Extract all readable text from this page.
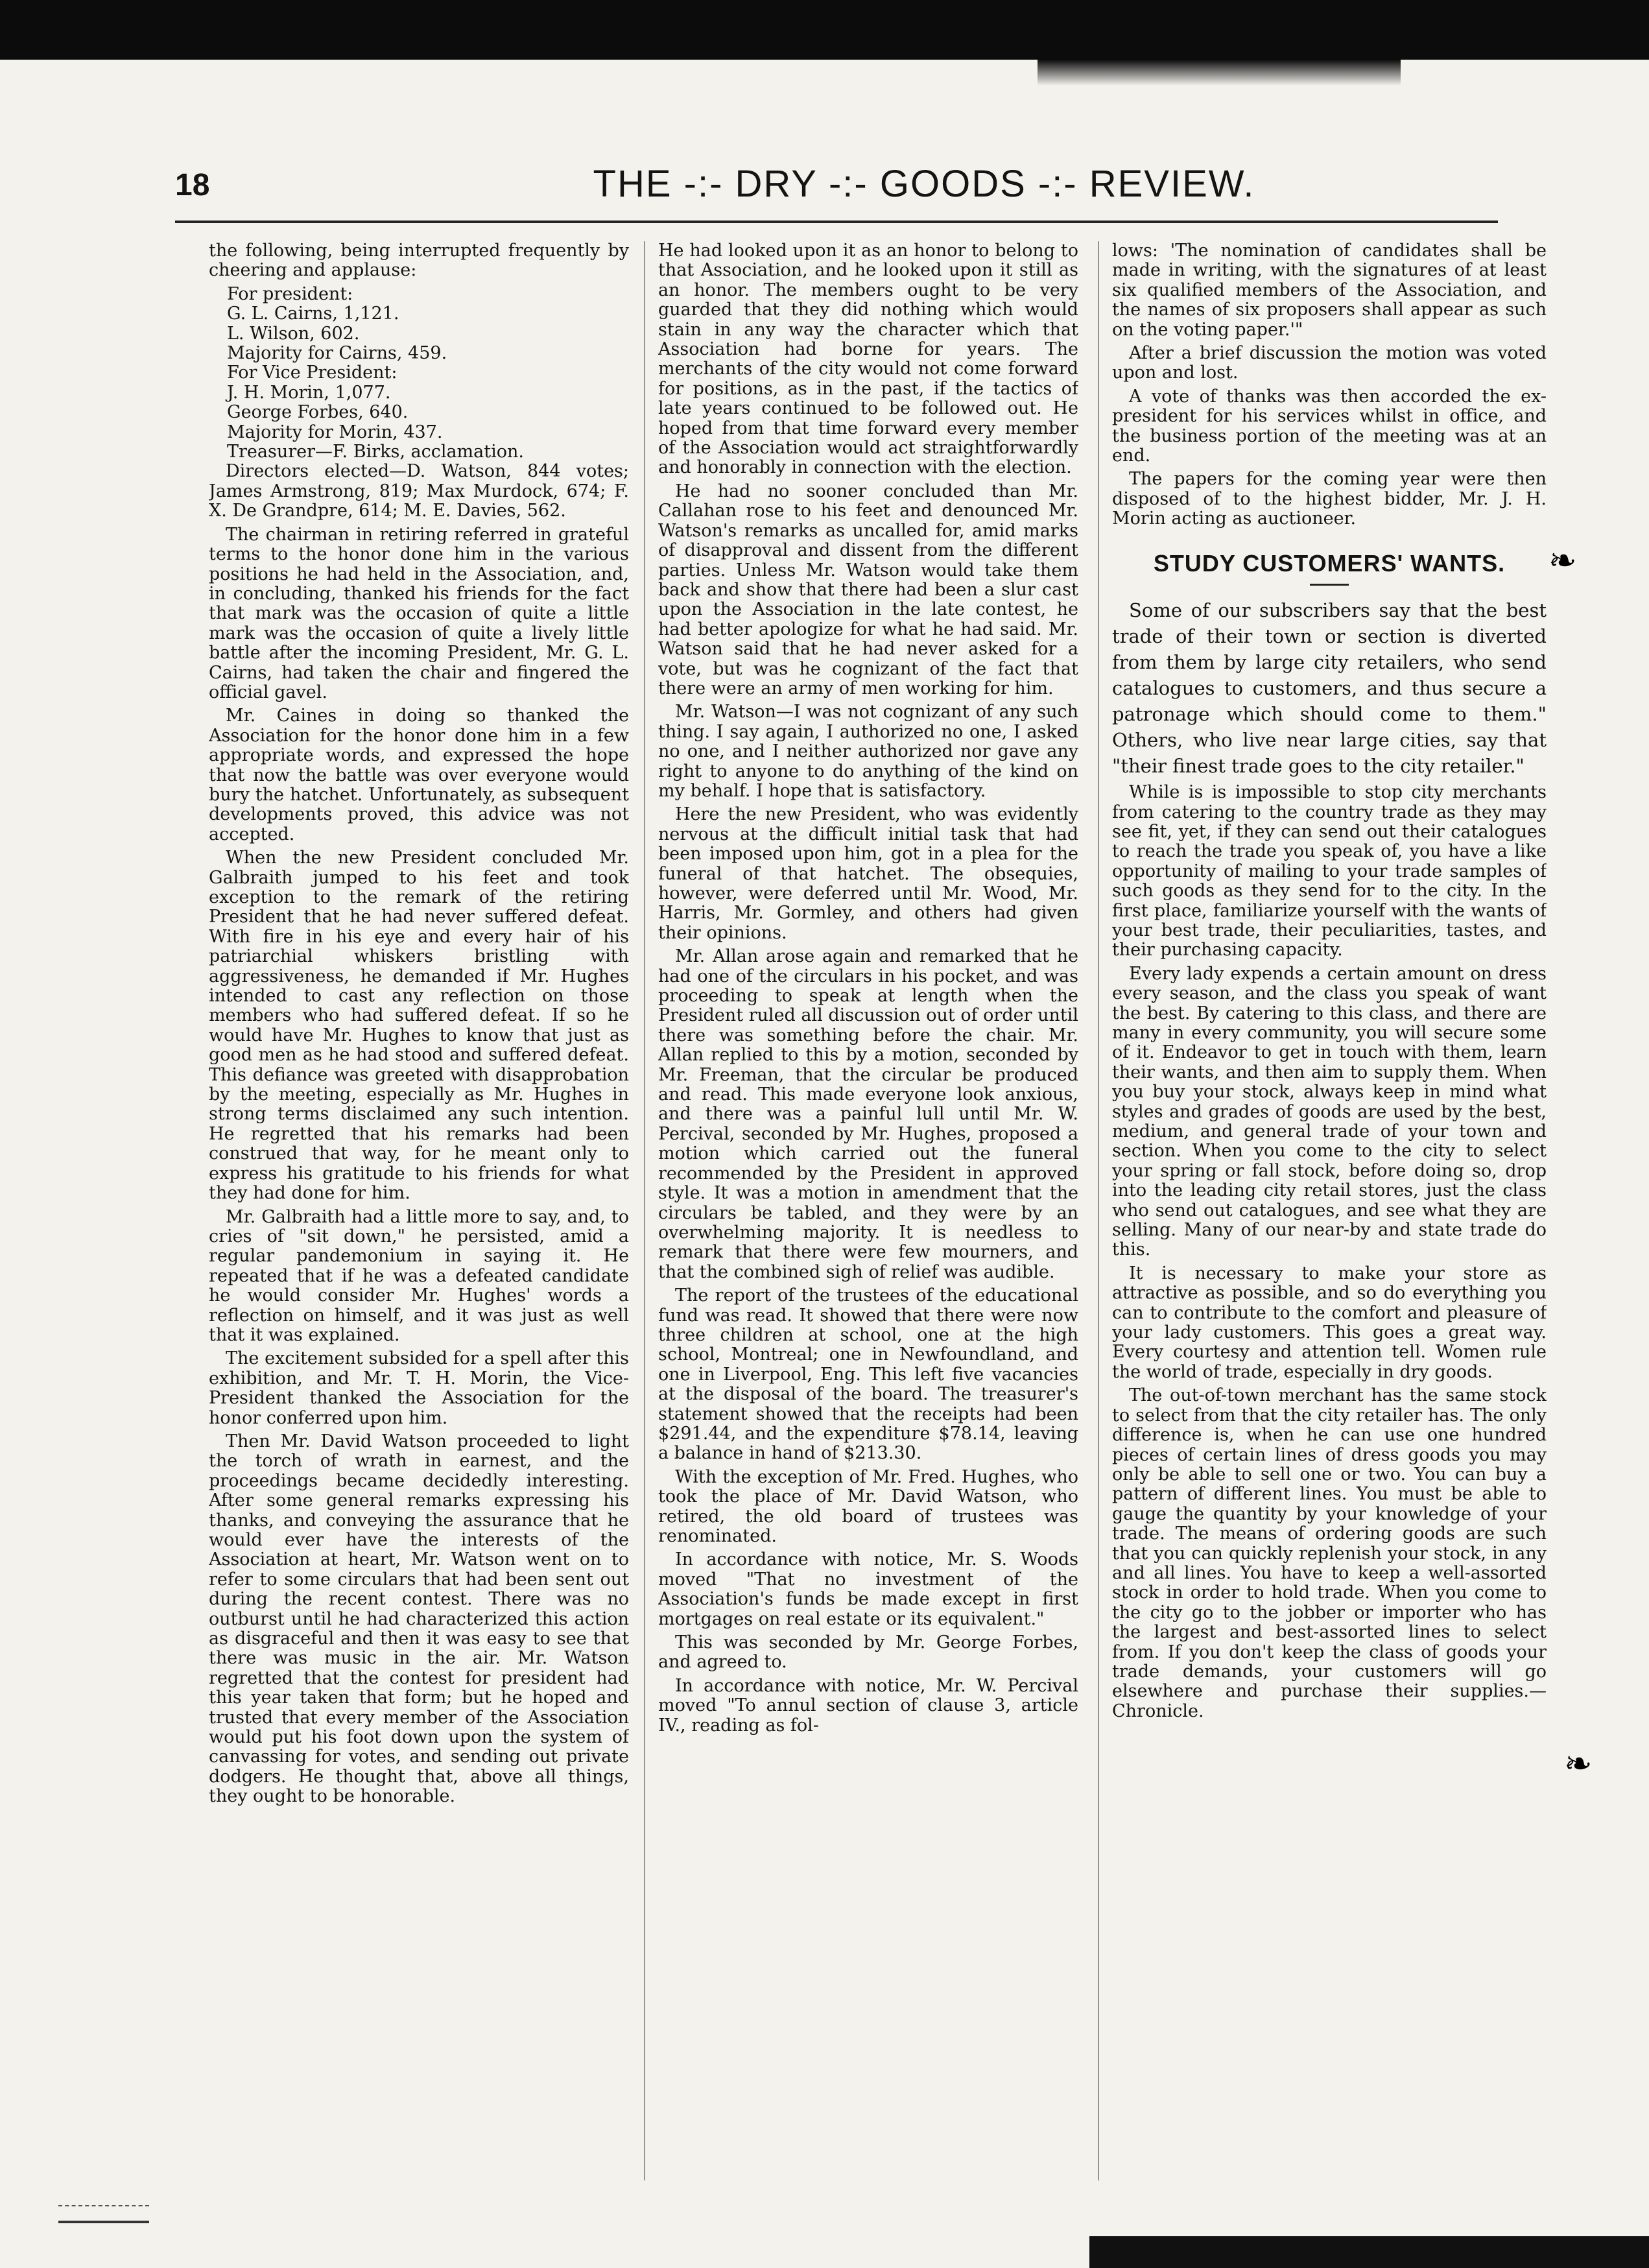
18	THE -:- DRY -:- GOODS -:- REVIEW.

the following, being interrupted frequently by cheering and applause:

For president:

G. L. Cairns, 1,121.

L. Wilson, 602.

Majority for Cairns, 459.

For Vice President:

J. H. Morin, 1,077.

George Forbes, 640.

Majority for Morin, 437.

Treasurer—F. Birks, acclamation.

Directors elected—D. Watson, 844 votes; James Armstrong, 819; Max Murdock, 674; F. X. De Grandpre, 614; M. E. Davies, 562.

The chairman in retiring referred in grateful terms to the honor done him in the various positions he had held in the Association, and, in concluding, thanked his friends for the fact that mark was the occasion of quite a little mark was the occasion of quite a lively little battle after the incoming President, Mr. G. L. Cairns, had taken the chair and fingered the official gavel.

Mr. Caines in doing so thanked the Association for the honor done him in a few appropriate words, and expressed the hope that now the battle was over everyone would bury the hatchet. Unfortunately, as subsequent developments proved, this advice was not accepted.

When the new President concluded Mr. Galbraith jumped to his feet and took exception to the remark of the retiring President that he had never suffered defeat. With fire in his eye and every hair of his patriarchial whiskers bristling with aggressiveness, he demanded if Mr. Hughes intended to cast any reflection on those members who had suffered defeat. If so he would have Mr. Hughes to know that just as good men as he had stood and suffered defeat. This defiance was greeted with disapprobation by the meeting, especially as Mr. Hughes in strong terms disclaimed any such intention. He regretted that his remarks had been construed that way, for he meant only to express his gratitude to his friends for what they had done for him.

Mr. Galbraith had a little more to say, and, to cries of "sit down," he persisted, amid a regular pandemonium in saying it. He repeated that if he was a defeated candidate he would consider Mr. Hughes' words a reflection on himself, and it was just as well that it was explained.

The excitement subsided for a spell after this exhibition, and Mr. T. H. Morin, the Vice-President thanked the Association for the honor conferred upon him.

Then Mr. David Watson proceeded to light the torch of wrath in earnest, and the proceedings became decidedly interesting. After some general remarks expressing his thanks, and conveying the assurance that he would ever have the interests of the Association at heart, Mr. Watson went on to refer to some circulars that had been sent out during the recent contest. There was no outburst until he had characterized this action as disgraceful and then it was easy to see that there was music in the air. Mr. Watson regretted that the contest for president had this year taken that form; but he hoped and trusted that every member of the Association would put his foot down upon the system of canvassing for votes, and sending out private dodgers. He thought that, above all things, they ought to be honorable.

He had looked upon it as an honor to belong to that Association, and he looked upon it still as an honor. The members ought to be very guarded that they did nothing which would stain in any way the character which that Association had borne for years. The merchants of the city would not come forward for positions, as in the past, if the tactics of late years continued to be followed out. He hoped from that time forward every member of the Association would act straightforwardly and honorably in connection with the election.

He had no sooner concluded than Mr. Callahan rose to his feet and denounced Mr. Watson's remarks as uncalled for, amid marks of disapproval and dissent from the different parties. Unless Mr. Watson would take them back and show that there had been a slur cast upon the Association in the late contest, he had better apologize for what he had said. Mr. Watson said that he had never asked for a vote, but was he cognizant of the fact that there were an army of men working for him.

Mr. Watson—I was not cognizant of any such thing. I say again, I authorized no one, I asked no one, and I neither authorized nor gave any right to anyone to do anything of the kind on my behalf. I hope that is satisfactory.

Here the new President, who was evidently nervous at the difficult initial task that had been imposed upon him, got in a plea for the funeral of that hatchet. The obsequies, however, were deferred until Mr. Wood, Mr. Harris, Mr. Gormley, and others had given their opinions.

Mr. Allan arose again and remarked that he had one of the circulars in his pocket, and was proceeding to speak at length when the President ruled all discussion out of order until there was something before the chair. Mr. Allan replied to this by a motion, seconded by Mr. Freeman, that the circular be produced and read. This made everyone look anxious, and there was a painful lull until Mr. W. Percival, seconded by Mr. Hughes, proposed a motion which carried out the funeral recommended by the President in approved style. It was a motion in amendment that the circulars be tabled, and they were by an overwhelming majority. It is needless to remark that there were few mourners, and that the combined sigh of relief was audible.

The report of the trustees of the educational fund was read. It showed that there were now three children at school, one at the high school, Montreal; one in Newfoundland, and one in Liverpool, Eng. This left five vacancies at the disposal of the board. The treasurer's statement showed that the receipts had been $291.44, and the expenditure $78.14, leaving a balance in hand of $213.30.

With the exception of Mr. Fred. Hughes, who took the place of Mr. David Watson, who retired, the old board of trustees was renominated.

In accordance with notice, Mr. S. Woods moved "That no investment of the Association's funds be made except in first mortgages on real estate or its equivalent."

This was seconded by Mr. George Forbes, and agreed to.

In accordance with notice, Mr. W. Percival moved "To annul section of clause 3, article IV., reading as fol-

lows: 'The nomination of candidates shall be made in writing, with the signatures of at least six qualified members of the Association, and the names of six proposers shall appear as such on the voting paper.'"

After a brief discussion the motion was voted upon and lost.

A vote of thanks was then accorded the ex-president for his services whilst in office, and the business portion of the meeting was at an end.

The papers for the coming year were then disposed of to the highest bidder, Mr. J. H. Morin acting as auctioneer.

STUDY CUSTOMERS' WANTS.

Some of our subscribers say that the best trade of their town or section is diverted from them by large city retailers, who send catalogues to customers, and thus secure a patronage which should come to them." Others, who live near large cities, say that "their finest trade goes to the city retailer."

While is is impossible to stop city merchants from catering to the country trade as they may see fit, yet, if they can send out their catalogues to reach the trade you speak of, you have a like opportunity of mailing to your trade samples of such goods as they send for to the city. In the first place, familiarize yourself with the wants of your best trade, their peculiarities, tastes, and their purchasing capacity.

Every lady expends a certain amount on dress every season, and the class you speak of want the best. By catering to this class, and there are many in every community, you will secure some of it. Endeavor to get in touch with them, learn their wants, and then aim to supply them. When you buy your stock, always keep in mind what styles and grades of goods are used by the best, medium, and general trade of your town and section. When you come to the city to select your spring or fall stock, before doing so, drop into the leading city retail stores, just the class who send out catalogues, and see what they are selling. Many of our near-by and state trade do this.

It is necessary to make your store as attractive as possible, and so do everything you can to contribute to the comfort and pleasure of your lady customers. This goes a great way. Every courtesy and attention tell. Women rule the world of trade, especially in dry goods.

The out-of-town merchant has the same stock to select from that the city retailer has. The only difference is, when he can use one hundred pieces of certain lines of dress goods you may only be able to sell one or two. You can buy a pattern of different lines. You must be able to gauge the quantity by your knowledge of your trade. The means of ordering goods are such that you can quickly replenish your stock, in any and all lines. You have to keep a well-assorted stock in order to hold trade. When you come to the city go to the jobber or importer who has the largest and best-assorted lines to select from. If you don't keep the class of goods your trade demands, your customers will go elsewhere and purchase their supplies.—Chronicle.

❧
❧
